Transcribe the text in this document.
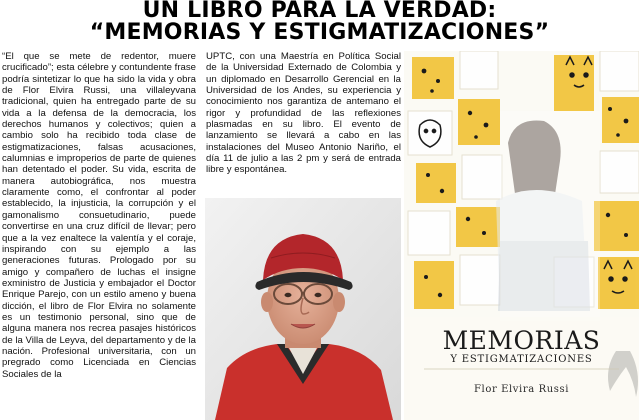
UN LIBRO PARA LA VERDAD:
“MEMORIAS Y ESTIGMATIZACIONES”

“El que se mete de redentor, muere crucificado”; esta célebre y contundente frase podría sintetizar lo que ha sido la vida y obra de Flor Elvira Russi, una villaleyvana tradicional, quien ha entregado parte de su vida a la defensa de la democracia, los derechos humanos y colectivos; quien a cambio solo ha recibido toda clase de estigmatizaciones, falsas acusaciones, calumnias e improperios de parte de quienes han detentado el poder. Su vida, escrita de manera autobiográfica, nos muestra claramente como, el confrontar al poder establecido, la injusticia, la corrupción y el gamonalismo consuetudinario, puede convertirse en una cruz difícil de llevar; pero que a la vez enaltece la valentía y el coraje, inspirando con su ejemplo a las generaciones futuras. Prologado por su amigo y compañero de luchas el insigne exministro de Justicia y embajador el Doctor Enrique Parejo, con un estilo ameno y buena dicción, el libro de Flor Elvira no solamente es un testimonio personal, sino que de alguna manera nos recrea pasajes históricos de la Villa de Leyva, del departamento y de la nación. Profesional universitaria, con un pregrado como Licenciada en Ciencias Sociales de la

UPTC, con una Maestría en Política Social de la Universidad Externado de Colombia y un diplomado en Desarrollo Gerencial en la Universidad de los Andes, su experiencia y conocimiento nos garantiza de antemano el rigor y profundidad de las reflexiones plasmadas en su libro. El evento de lanzamiento se llevará a cabo en las instalaciones del Museo Antonio Nariño, el día 11 de julio a las 2 pm y será de entrada libre y espontánea.

MEMORIAS
Y ESTIGMATIZACIONES
Flor Elvira Russi
